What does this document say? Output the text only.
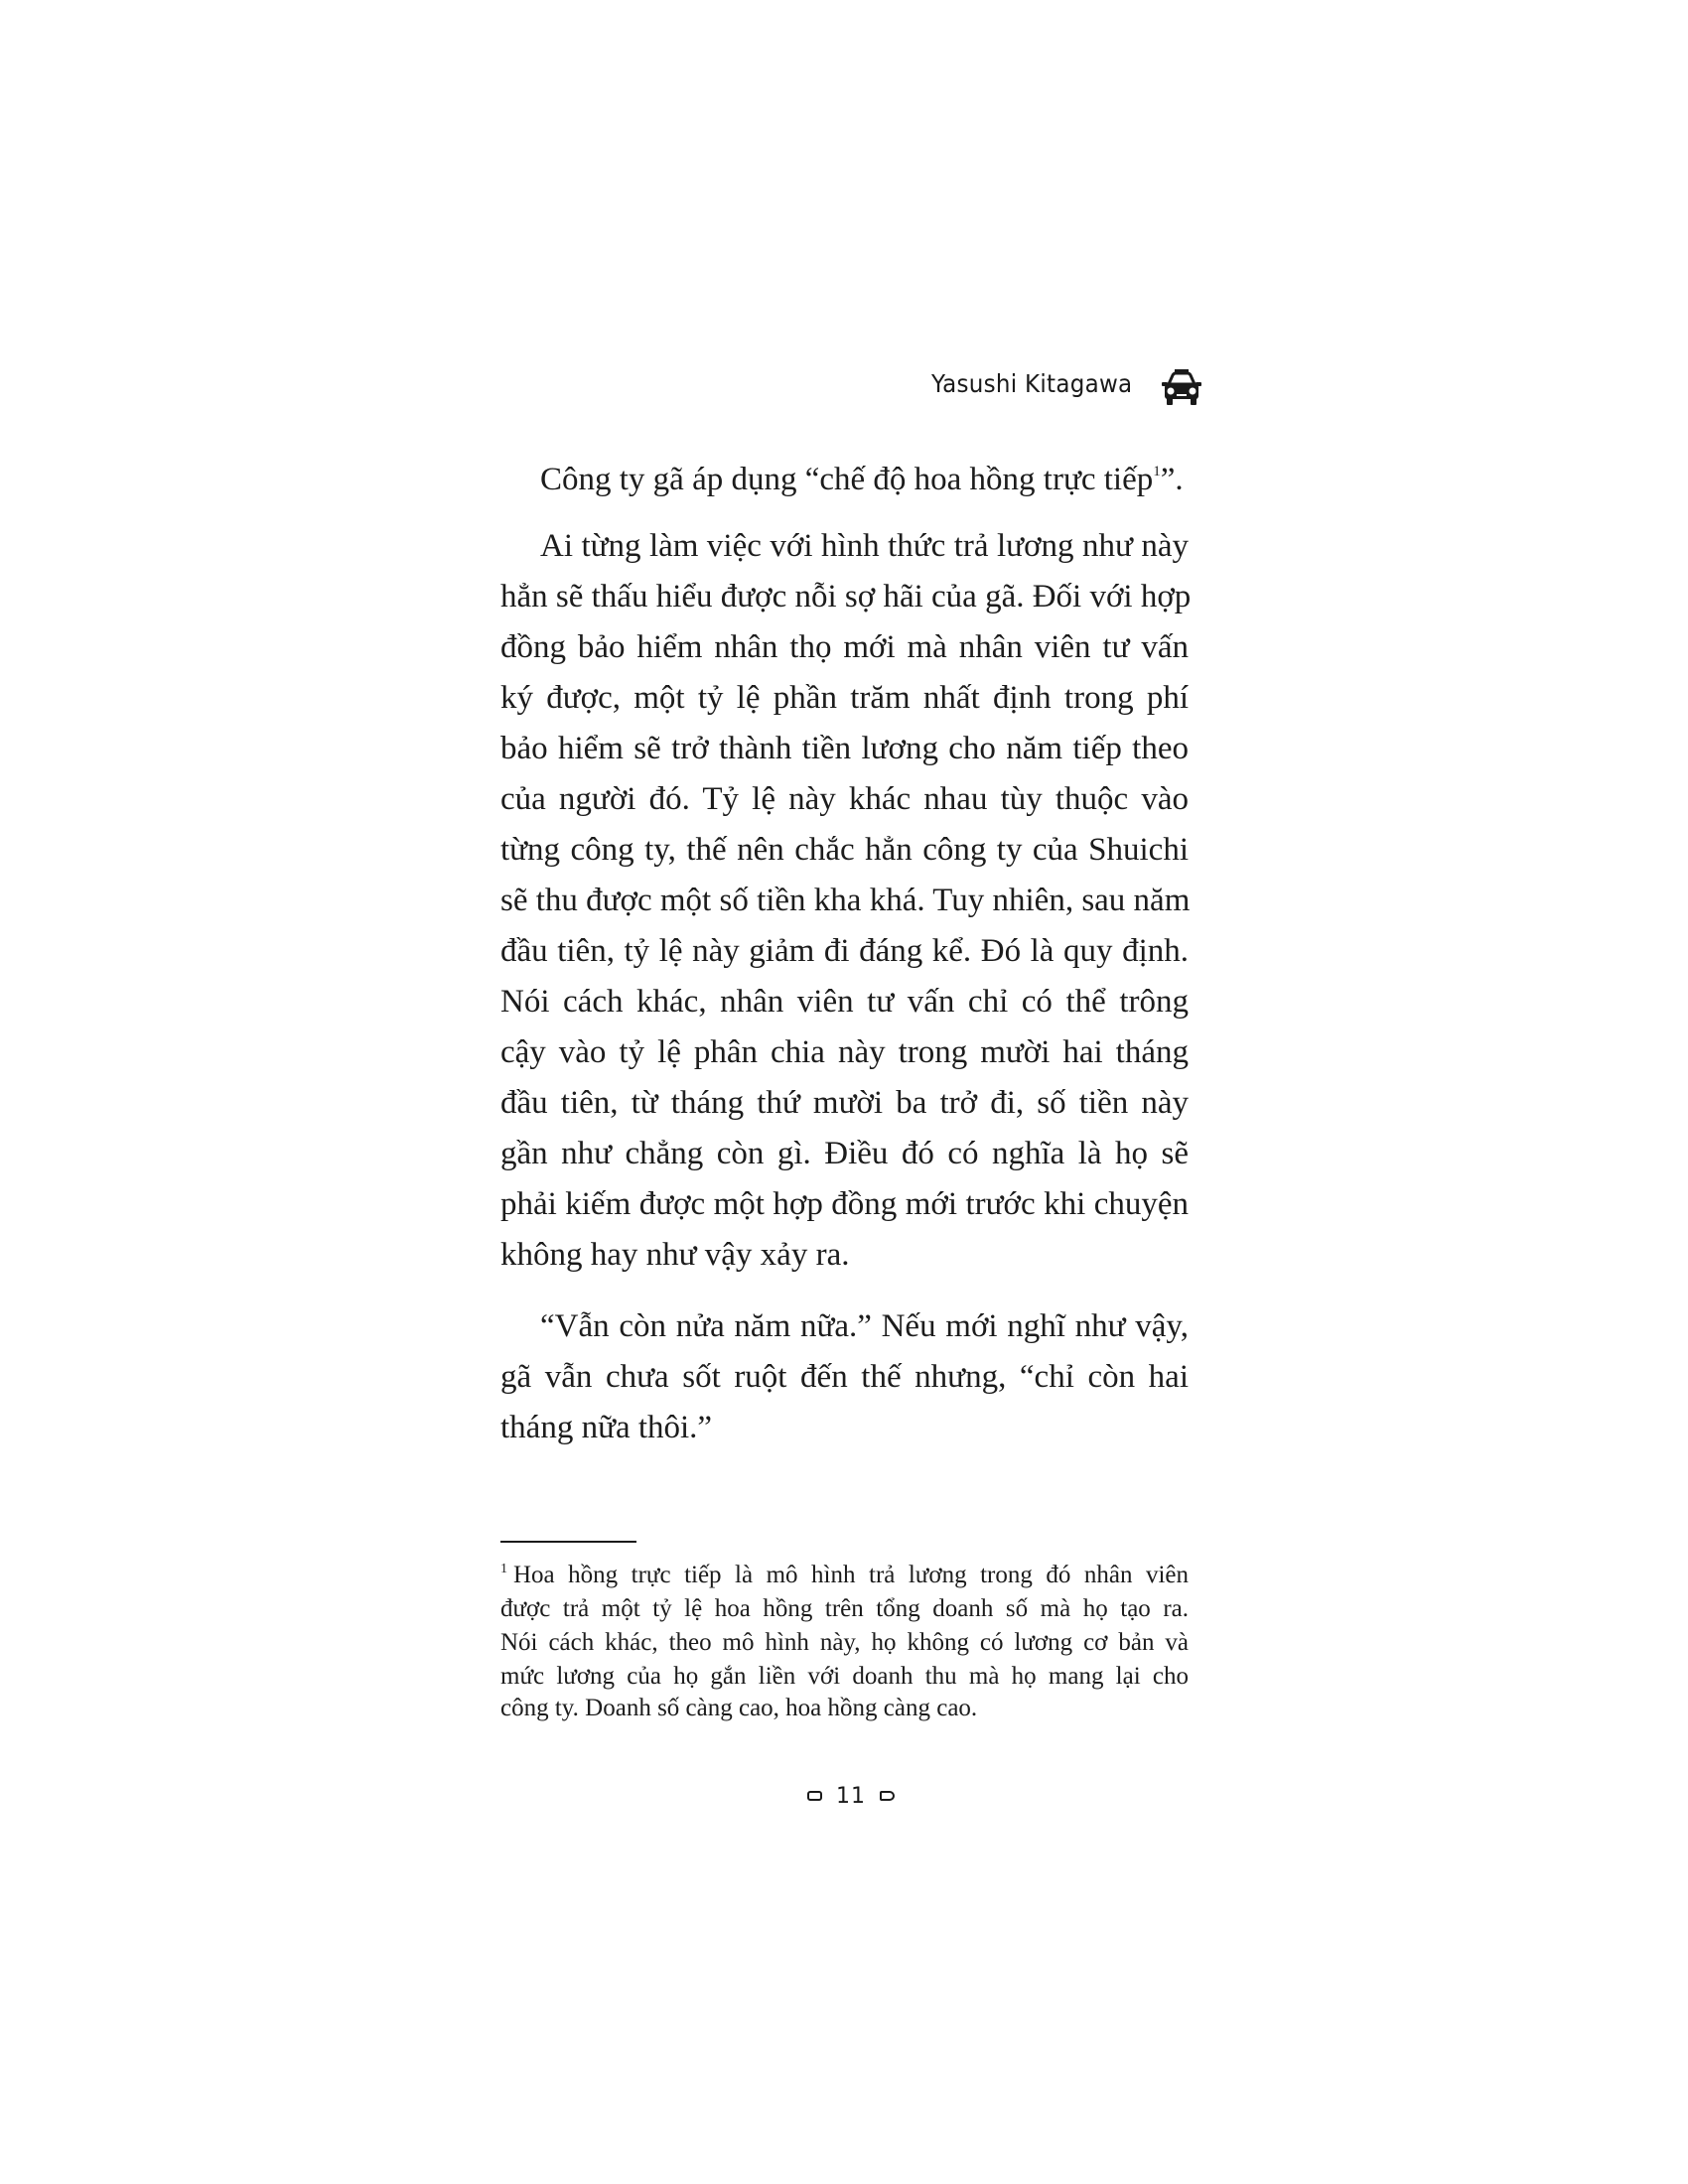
Yasushi Kitagawa
Công ty gã áp dụng “chế độ hoa hồng trực tiếp$^1$”.
Ai từng làm việc với hình thức trả lương như này
hẳn sẽ thấu hiểu được nỗi sợ hãi của gã. Đối với hợp
đồng bảo hiểm nhân thọ mới mà nhân viên tư vấn
ký được, một tỷ lệ phần trăm nhất định trong phí
bảo hiểm sẽ trở thành tiền lương cho năm tiếp theo
của người đó. Tỷ lệ này khác nhau tùy thuộc vào
từng công ty, thế nên chắc hẳn công ty của Shuichi
sẽ thu được một số tiền kha khá. Tuy nhiên, sau năm
đầu tiên, tỷ lệ này giảm đi đáng kể. Đó là quy định.
Nói cách khác, nhân viên tư vấn chỉ có thể trông
cậy vào tỷ lệ phân chia này trong mười hai tháng
đầu tiên, từ tháng thứ mười ba trở đi, số tiền này
gần như chẳng còn gì. Điều đó có nghĩa là họ sẽ
phải kiếm được một hợp đồng mới trước khi chuyện
không hay như vậy xảy ra.
“Vẫn còn nửa năm nữa.” Nếu mới nghĩ như vậy,
gã vẫn chưa sốt ruột đến thế nhưng, “chỉ còn hai
tháng nữa thôi.”
$^1$ Hoa hồng trực tiếp là mô hình trả lương trong đó nhân viên
được trả một tỷ lệ hoa hồng trên tổng doanh số mà họ tạo ra.
Nói cách khác, theo mô hình này, họ không có lương cơ bản và
mức lương của họ gắn liền với doanh thu mà họ mang lại cho
công ty. Doanh số càng cao, hoa hồng càng cao.
11
